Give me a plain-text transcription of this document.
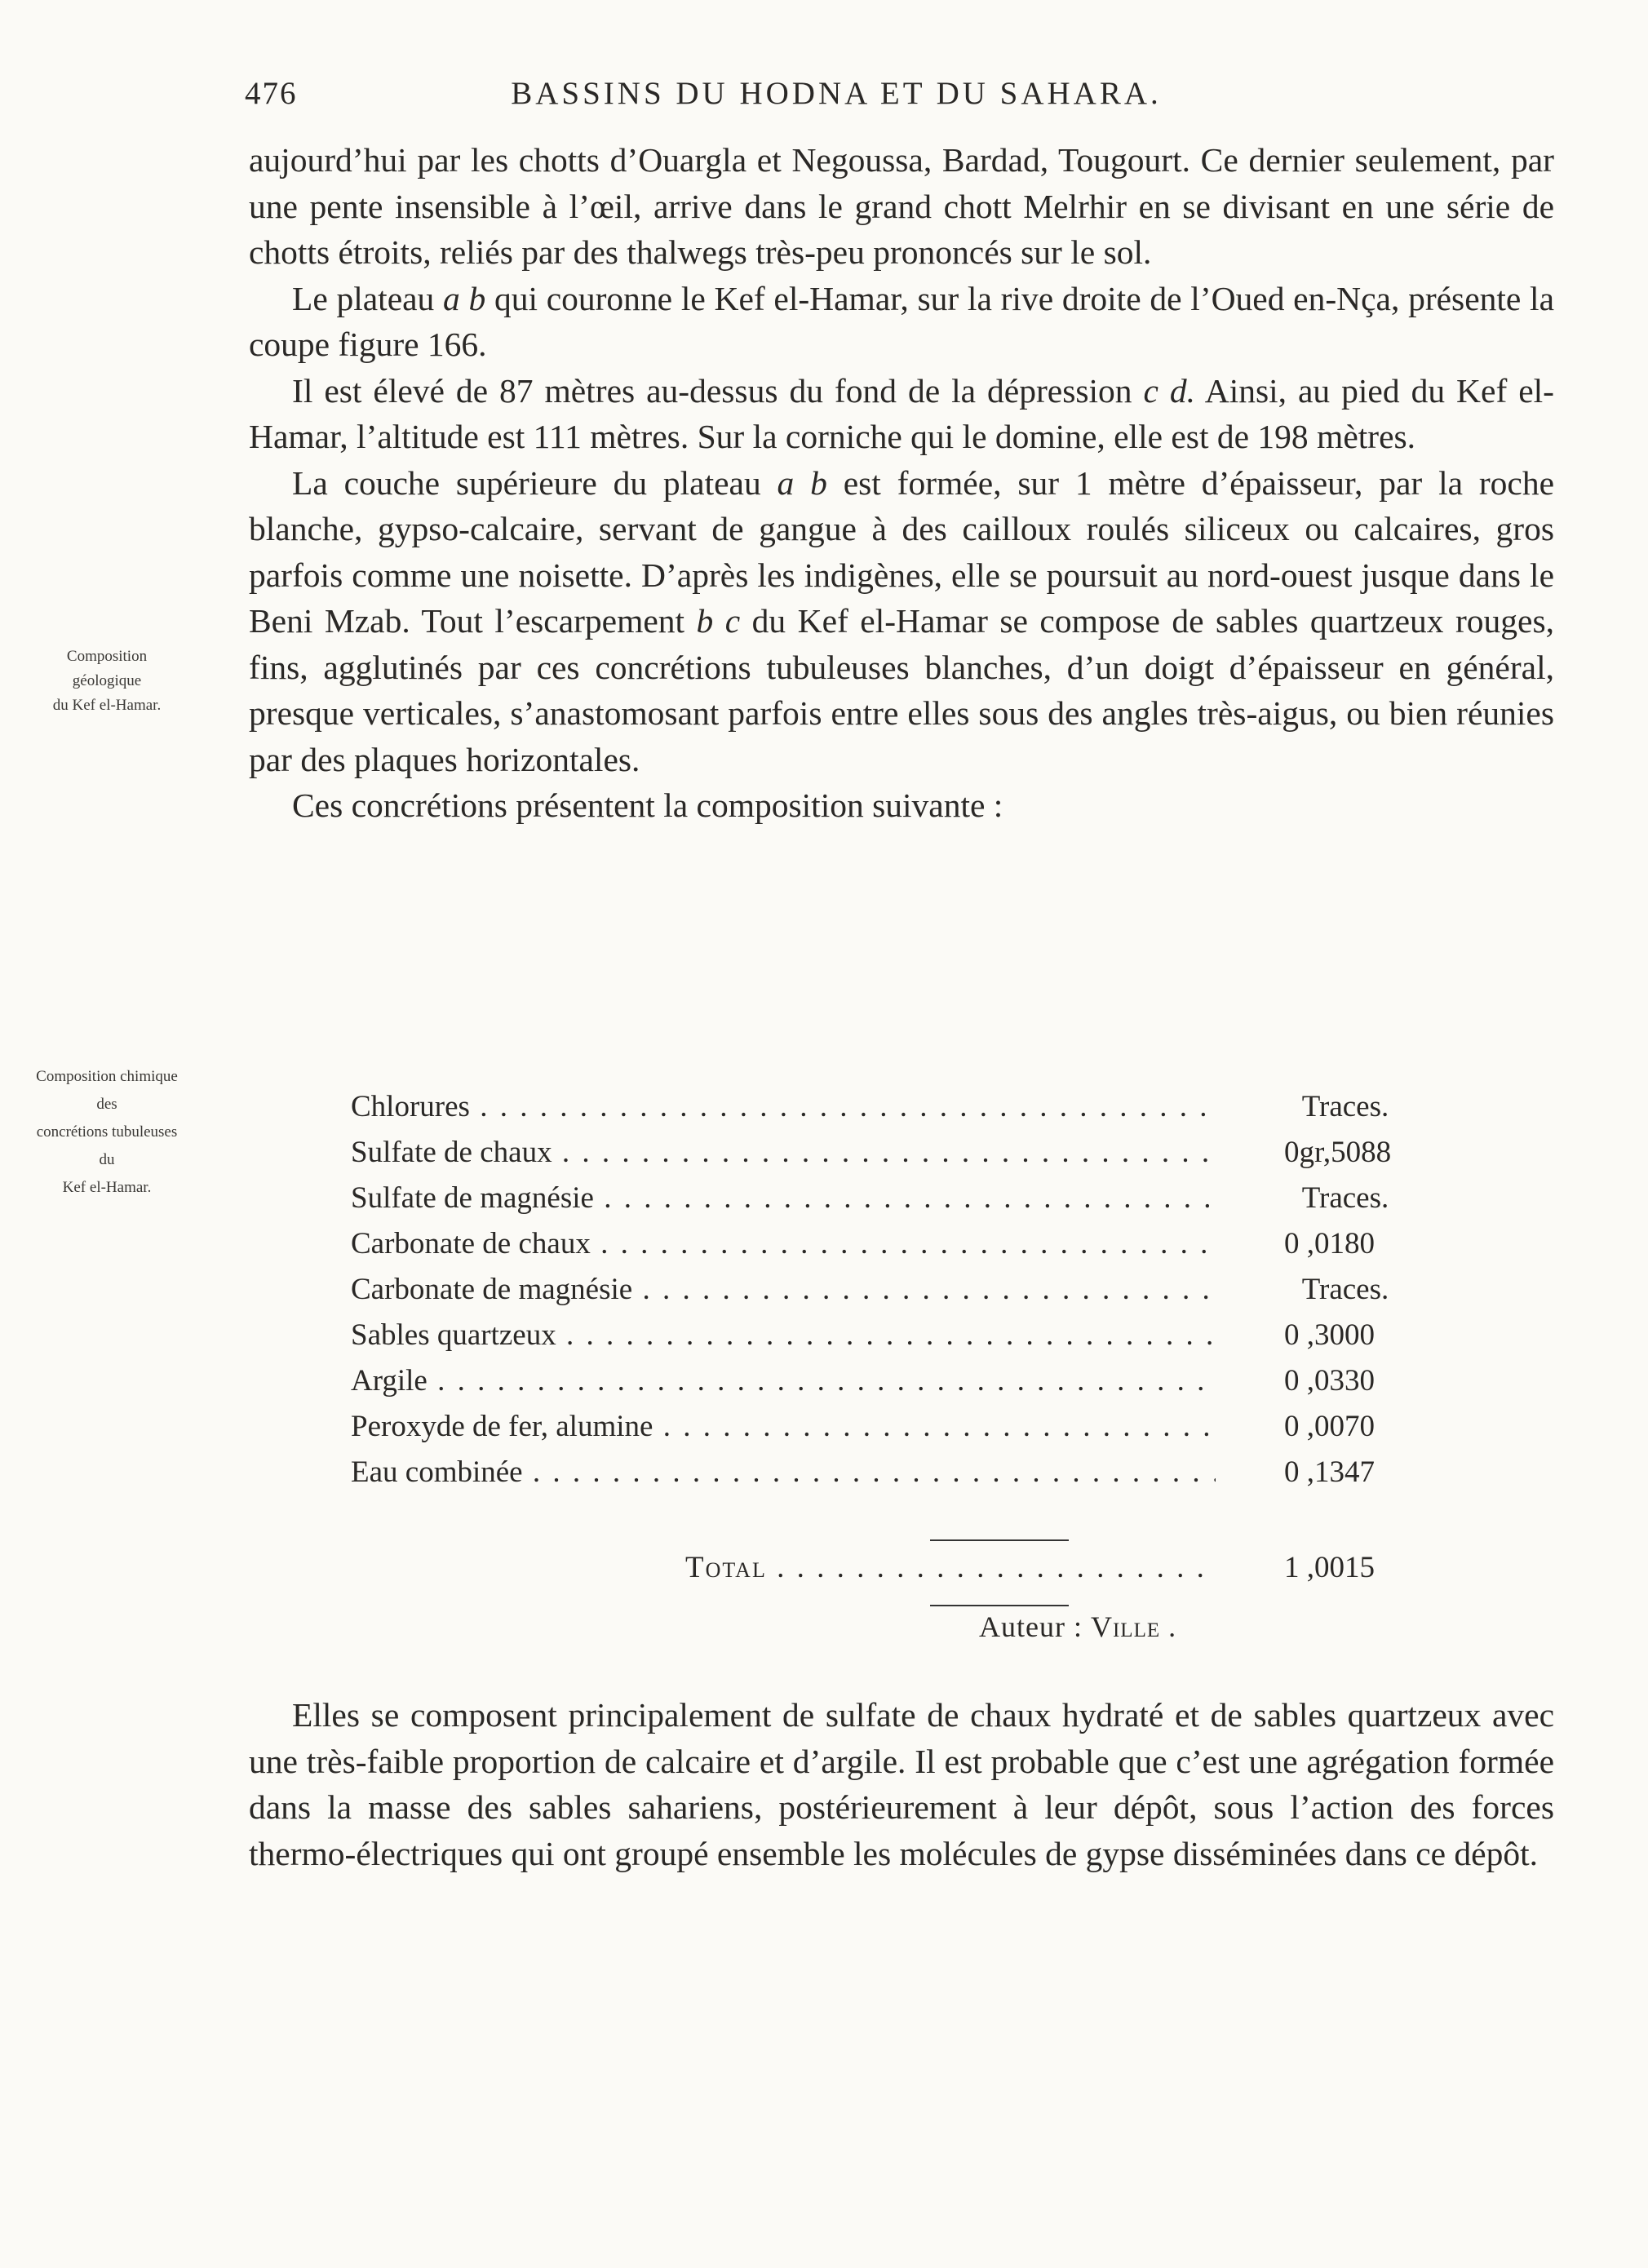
476	BASSINS DU HODNA ET DU SAHARA.
Composition
géologique
du Kef el-Hamar.
Composition chimique
des
concrétions tubuleuses
du
Kef el-Hamar.

aujourd’hui par les chotts d’Ouargla et Negoussa, Bardad, Tougourt. Ce dernier seulement, par une pente insensible à l’œil, arrive dans le grand chott Melrhir en se divisant en une série de chotts étroits, reliés par des thalwegs très-peu prononcés sur le sol.

Le plateau a b qui couronne le Kef el-Hamar, sur la rive droite de l’Oued en-Nça, présente la coupe figure 166.

Il est élevé de 87 mètres au-dessus du fond de la dépression c d. Ainsi, au pied du Kef el-Hamar, l’altitude est 111 mètres. Sur la corniche qui le domine, elle est de 198 mètres.

La couche supérieure du plateau a b est formée, sur 1 mètre d’épaisseur, par la roche blanche, gypso-calcaire, servant de gangue à des cailloux roulés siliceux ou calcaires, gros parfois comme une noisette. D’après les indigènes, elle se poursuit au nord-ouest jusque dans le Beni Mzab. Tout l’escarpement b c du Kef el-Hamar se compose de sables quartzeux rouges, fins, agglutinés par ces concrétions tubuleuses blanches, d’un doigt d’épaisseur en général, presque verticales, s’anastomosant parfois entre elles sous des angles très-aigus, ou bien réunies par des plaques horizontales.

Ces concrétions présentent la composition suivante :

Chlorures . . .	Traces.
Sulfate de chaux . . .	0gr,5088
Sulfate de magnésie . . .	Traces.
Carbonate de chaux . . .	0 ,0180
Carbonate de magnésie . . .	Traces.
Sables quartzeux . . .	0 ,3000
Argile . . .	0 ,0330
Peroxyde de fer, alumine . . .	0 ,0070
Eau combinée . . .	0 ,1347
Total . . .	1 ,0015
Auteur : Ville .

Elles se composent principalement de sulfate de chaux hydraté et de sables quartzeux avec une très-faible proportion de calcaire et d’argile. Il est probable que c’est une agrégation formée dans la masse des sables sahariens, postérieurement à leur dépôt, sous l’action des forces thermo-électriques qui ont groupé ensemble les molécules de gypse disséminées dans ce dépôt.
